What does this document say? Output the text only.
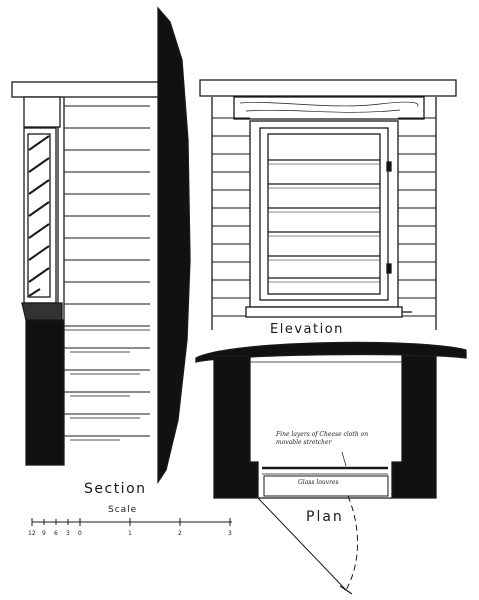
Elevation
Section
Scale	Plan
Glass louvres
Fine layers of Cheese cloth on movable stretcher
12 9 6 3 0	1	2	3
